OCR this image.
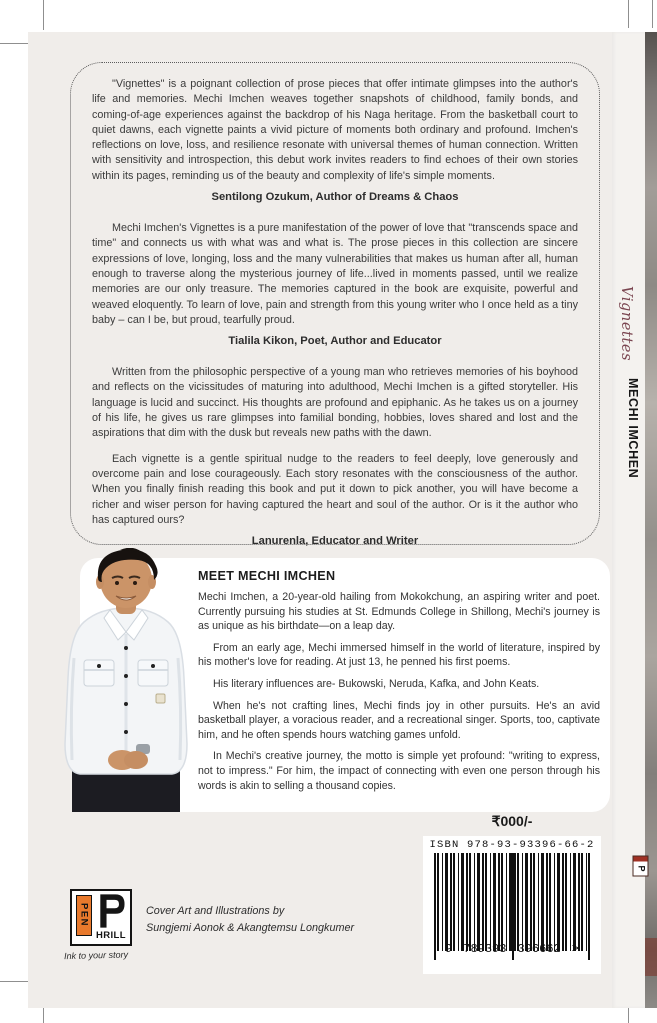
"Vignettes" is a poignant collection of prose pieces that offer intimate glimpses into the author's life and memories. Mechi Imchen weaves together snapshots of childhood, family bonds, and coming-of-age experiences against the backdrop of his Naga heritage. From the basketball court to quiet dawns, each vignette paints a vivid picture of moments both ordinary and profound. Imchen's reflections on love, loss, and resilience resonate with universal themes of human connection. Written with sensitivity and introspection, this debut work invites readers to find echoes of their own stories within its pages, reminding us of the beauty and complexity of life's simple moments.

Sentilong Ozukum, Author of Dreams & Chaos

Mechi Imchen's Vignettes is a pure manifestation of the power of love that "transcends space and time" and connects us with what was and what is. The prose pieces in this collection are sincere expressions of love, longing, loss and the many vulnerabilities that makes us human after all, human enough to traverse along the mysterious journey of life...lived in moments passed, until we realize memories are our only treasure. The memories captured in the book are exquisite, powerful and weaved eloquently. To learn of love, pain and strength from this young writer who I once held as a tiny baby – can I be, but proud, tearfully proud.

Tialila Kikon, Poet, Author and Educator

Written from the philosophic perspective of a young man who retrieves memories of his boyhood and reflects on the vicissitudes of maturing into adulthood, Mechi Imchen is a gifted storyteller. His language is lucid and succinct. His thoughts are profound and epiphanic. As he takes us on a journey of his life, he gives us rare glimpses into familial bonding, hobbies, loves shared and lost and the aspirations that dim with the dusk but reveals new paths with the dawn.

Each vignette is a gentle spiritual nudge to the readers to feel deeply, love generously and overcome pain and lose courageously. Each story resonates with the consciousness of the author. When you finally finish reading this book and put it down to pick another, you will have become a richer and wiser person for having captured the heart and soul of the author. Or is it the author who has captured ours?

Lanurenla, Educator and Writer
MEET MECHI IMCHEN

Mechi Imchen, a 20-year-old hailing from Mokokchung, an aspiring writer and poet. Currently pursuing his studies at St. Edmunds College in Shillong, Mechi's journey is as unique as his birthdate—on a leap day.

From an early age, Mechi immersed himself in the world of literature, inspired by his mother's love for reading. At just 13, he penned his first poems.

His literary influences are- Bukowski, Neruda, Kafka, and John Keats.

When he's not crafting lines, Mechi finds joy in other pursuits. He's an avid basketball player, a voracious reader, and a recreational singer. Sports, too, captivate him, and he often spends hours watching games unfold.

In Mechi's creative journey, the motto is simple yet profound: "writing to express, not to impress." For him, the impact of connecting with even one person through his words is akin to selling a thousand copies.

₹000/-
ISBN 978-93-93396-66-2
9 789393 396662 >
PEN
HRILL
Ink to your story
Cover Art and Illustrations by
Sungjemi Aonok & Akangtemsu Longkumer
Vignettes
MECHI IMCHEN
P
